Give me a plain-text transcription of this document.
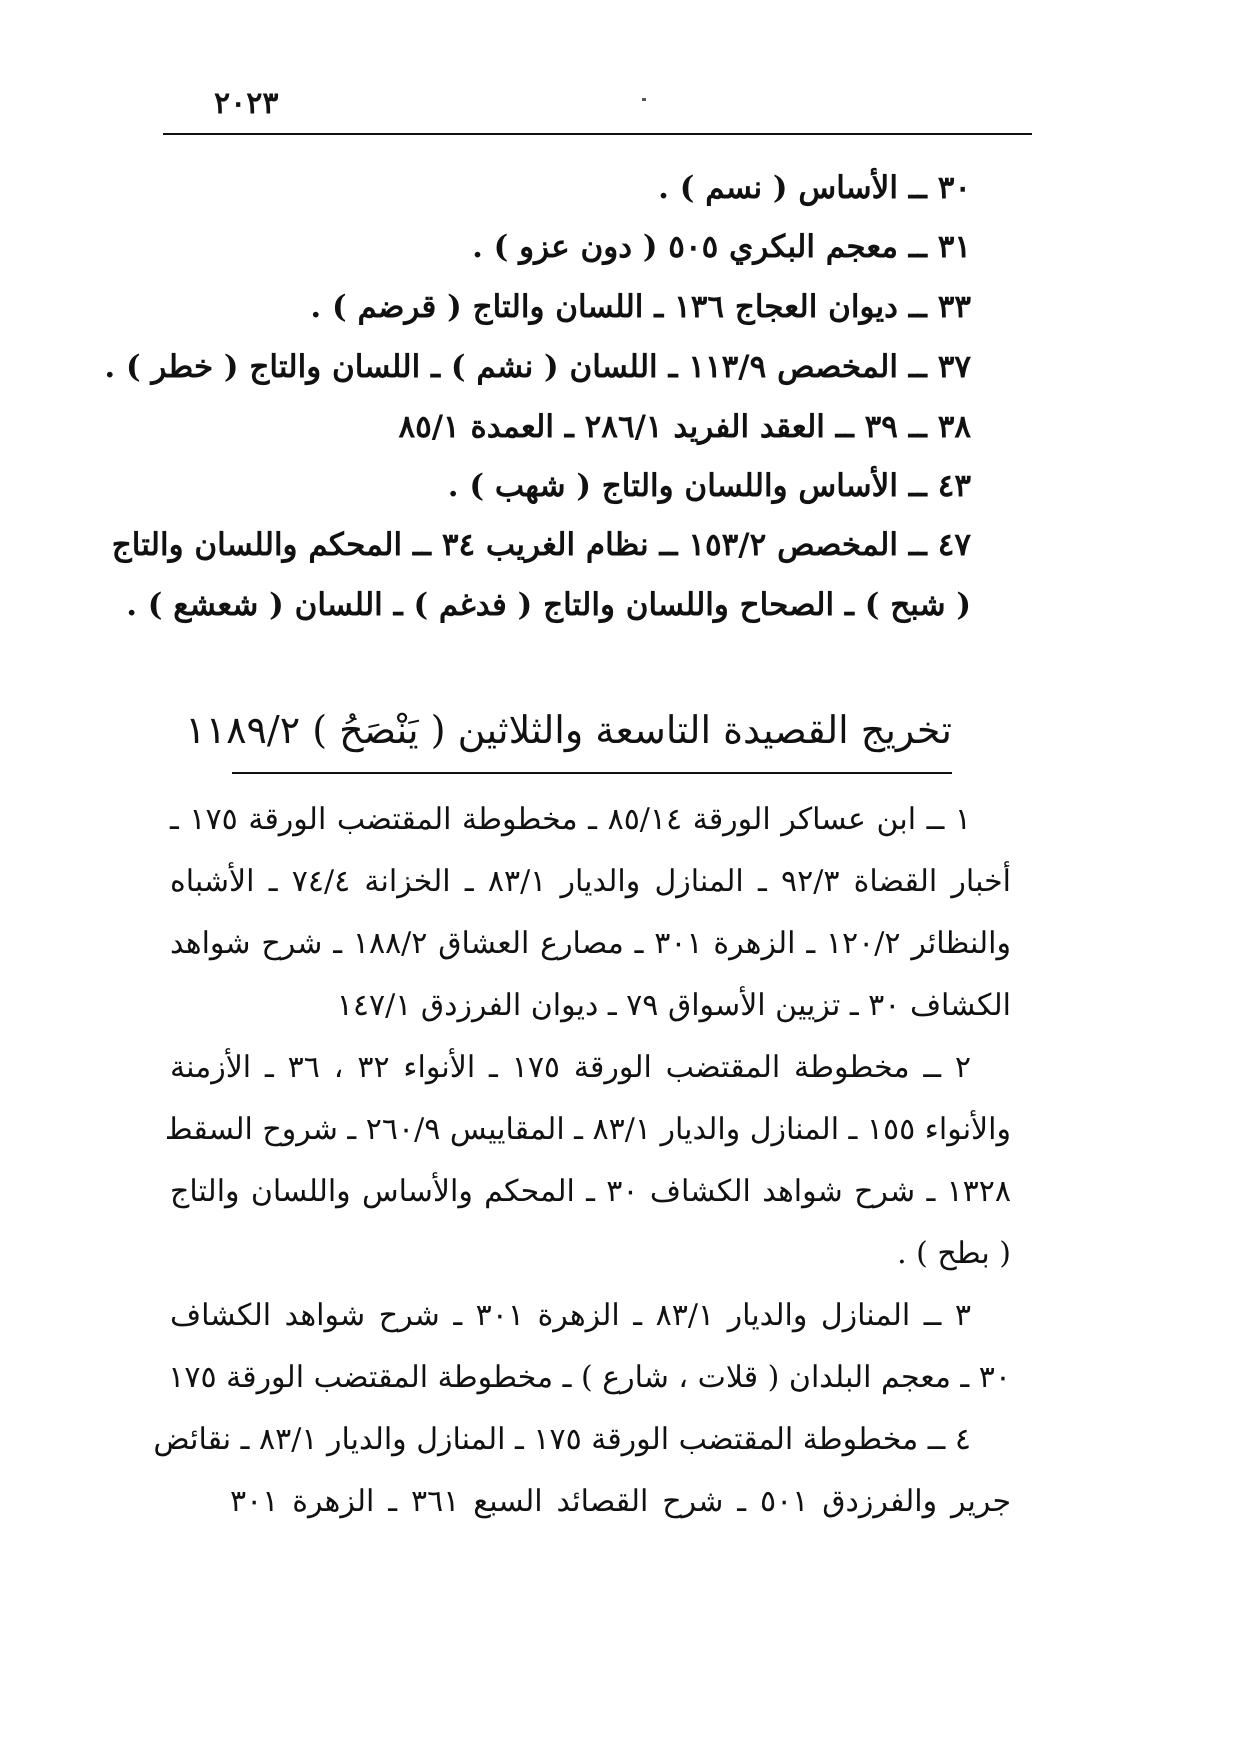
٢٠٢٣
٣٠ ــ الأساس ( نسم ) .
٣١ ــ معجم البكري ٥٠٥ ( دون عزو ) .
٣٣ ــ ديوان العجاج ١٣٦ ـ اللسان والتاج ( قرضم ) .
٣٧ ــ المخصص ١١٣/٩ ـ اللسان ( نشم ) ـ اللسان والتاج ( خطر ) .
٣٨ ــ ٣٩ ــ العقد الفريد ٢٨٦/١ ـ العمدة ٨٥/١
٤٣ ــ الأساس واللسان والتاج ( شهب ) .
٤٧ ــ المخصص ١٥٣/٢ ــ نظام الغريب ٣٤ ــ المحكم واللسان والتاج
( شبح ) ـ الصحاح واللسان والتاج ( فدغم ) ـ اللسان ( شعشع ) .
تخريج القصيدة التاسعة والثلاثين ( يَنْصَحُ ) ١١٨٩/٢
١ ــ ابن عساكر الورقة ٨٥/١٤ ـ مخطوطة المقتضب الورقة ١٧٥ ـ
أخبار القضاة ٩٢/٣ ـ المنازل والديار ٨٣/١ ـ الخزانة ٧٤/٤ ـ الأشباه
والنظائر ١٢٠/٢ ـ الزهرة ٣٠١ ـ مصارع العشاق ١٨٨/٢ ـ شرح شواهد
الكشاف ٣٠ ـ تزيين الأسواق ٧٩ ـ ديوان الفرزدق ١٤٧/١
٢ ــ مخطوطة المقتضب الورقة ١٧٥ ـ الأنواء ٣٢ ، ٣٦ ـ الأزمنة
والأنواء ١٥٥ ـ المنازل والديار ٨٣/١ ـ المقاييس ٢٦٠/٩ ـ شروح السقط
١٣٢٨ ـ شرح شواهد الكشاف ٣٠ ـ المحكم والأساس واللسان والتاج
( بطح ) .
٣ ــ المنازل والديار ٨٣/١ ـ الزهرة ٣٠١ ـ شرح شواهد الكشاف
٣٠ ـ معجم البلدان ( قلات ، شارع ) ـ مخطوطة المقتضب الورقة ١٧٥
٤ ــ مخطوطة المقتضب الورقة ١٧٥ ـ المنازل والديار ٨٣/١ ـ نقائض
جرير والفرزدق ٥٠١ ـ شرح القصائد السبع ٣٦١ ـ الزهرة ٣٠١
